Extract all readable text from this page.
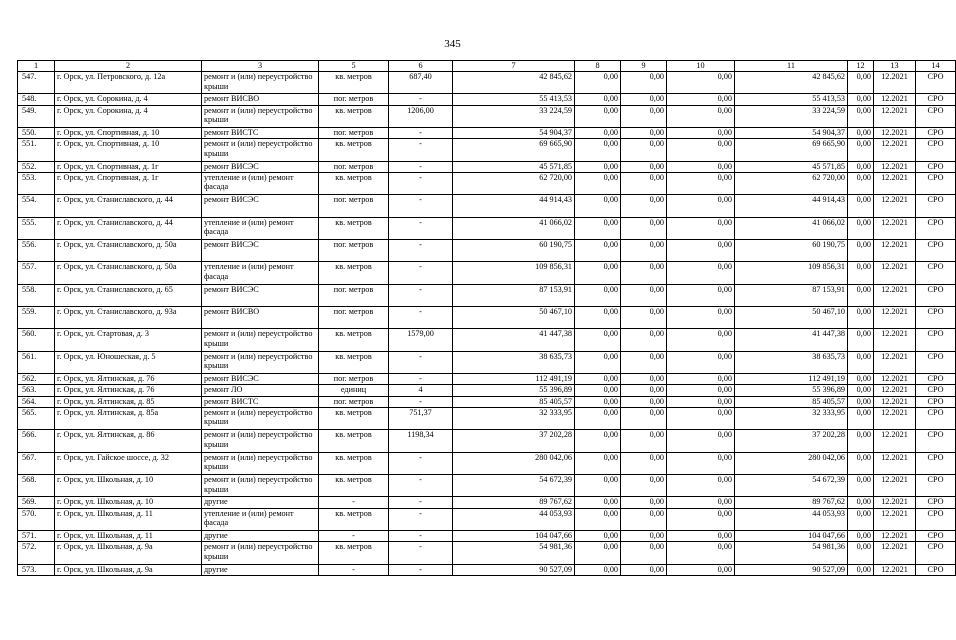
345
1	2	3	5	6	7	8	9	10	11	12	13	14
547.	г. Орск, ул. Петровского, д. 12а	ремонт и (или) переустройство крыши	кв. метров	687,40	42 845,62	0,00	0,00	0,00	42 845,62	0,00	12.2021	СРО
548.	г. Орск, ул. Сорокина, д. 4	ремонт ВИСВО	пог. метров	-	55 413,53	0,00	0,00	0,00	55 413,53	0,00	12.2021	СРО
549.	г. Орск, ул. Сорокина, д. 4	ремонт и (или) переустройство крыши	кв. метров	1206,00	33 224,59	0,00	0,00	0,00	33 224,59	0,00	12.2021	СРО
550.	г. Орск, ул. Спортивная, д. 10	ремонт ВИСТС	пог. метров	-	54 904,37	0,00	0,00	0,00	54 904,37	0,00	12.2021	СРО
551.	г. Орск, ул. Спортивная, д. 10	ремонт и (или) переустройство крыши	кв. метров	-	69 665,90	0,00	0,00	0,00	69 665,90	0,00	12.2021	СРО
552.	г. Орск, ул. Спортивная, д. 1г	ремонт ВИСЭС	пог. метров	-	45 571,85	0,00	0,00	0,00	45 571,85	0,00	12.2021	СРО
553.	г. Орск, ул. Спортивная, д. 1г	утепление и (или) ремонт фасада	кв. метров	-	62 720,00	0,00	0,00	0,00	62 720,00	0,00	12.2021	СРО
554.	г. Орск, ул. Станиславского, д. 44	ремонт ВИСЭС	пог. метров	-	44 914,43	0,00	0,00	0,00	44 914,43	0,00	12.2021	СРО
555.	г. Орск, ул. Станиславского, д. 44	утепление и (или) ремонт фасада	кв. метров	-	41 066,02	0,00	0,00	0,00	41 066,02	0,00	12.2021	СРО
556.	г. Орск, ул. Станиславского, д. 50а	ремонт ВИСЭС	пог. метров	-	60 190,75	0,00	0,00	0,00	60 190,75	0,00	12.2021	СРО
557.	г. Орск, ул. Станиславского, д. 50а	утепление и (или) ремонт фасада	кв. метров	-	109 856,31	0,00	0,00	0,00	109 856,31	0,00	12.2021	СРО
558.	г. Орск, ул. Станиславского, д. 65	ремонт ВИСЭС	пог. метров	-	87 153,91	0,00	0,00	0,00	87 153,91	0,00	12.2021	СРО
559.	г. Орск, ул. Станиславского, д. 93а	ремонт ВИСВО	пог. метров	-	50 467,10	0,00	0,00	0,00	50 467,10	0,00	12.2021	СРО
560.	г. Орск, ул. Стартовая, д. 3	ремонт и (или) переустройство крыши	кв. метров	1579,00	41 447,38	0,00	0,00	0,00	41 447,38	0,00	12.2021	СРО
561.	г. Орск, ул. Юношеская, д. 5	ремонт и (или) переустройство крыши	кв. метров	-	38 635,73	0,00	0,00	0,00	38 635,73	0,00	12.2021	СРО
562.	г. Орск, ул. Ялтинская, д. 76	ремонт ВИСЭС	пог. метров	-	112 491,19	0,00	0,00	0,00	112 491,19	0,00	12.2021	СРО
563.	г. Орск, ул. Ялтинская, д. 76	ремонт ЛО	единиц	4	55 396,89	0,00	0,00	0,00	55 396,89	0,00	12.2021	СРО
564.	г. Орск, ул. Ялтинская, д. 85	ремонт ВИСТС	пог. метров	-	85 405,57	0,00	0,00	0,00	85 405,57	0,00	12.2021	СРО
565.	г. Орск, ул. Ялтинская, д. 85а	ремонт и (или) переустройство крыши	кв. метров	751,37	32 333,95	0,00	0,00	0,00	32 333,95	0,00	12.2021	СРО
566.	г. Орск, ул. Ялтинская, д. 86	ремонт и (или) переустройство крыши	кв. метров	1198,34	37 202,28	0,00	0,00	0,00	37 202,28	0,00	12.2021	СРО
567.	г. Орск, ул. Гайское шоссе, д. 32	ремонт и (или) переустройство крыши	кв. метров	-	280 042,06	0,00	0,00	0,00	280 042,06	0,00	12.2021	СРО
568.	г. Орск, ул. Школьная, д. 10	ремонт и (или) переустройство крыши	кв. метров	-	54 672,39	0,00	0,00	0,00	54 672,39	0,00	12.2021	СРО
569.	г. Орск, ул. Школьная, д. 10	другие	-	-	89 767,62	0,00	0,00	0,00	89 767,62	0,00	12.2021	СРО
570.	г. Орск, ул. Школьная, д. 11	утепление и (или) ремонт фасада	кв. метров	-	44 053,93	0,00	0,00	0,00	44 053,93	0,00	12.2021	СРО
571.	г. Орск, ул. Школьная, д. 11	другие	-	-	104 047,66	0,00	0,00	0,00	104 047,66	0,00	12.2021	СРО
572.	г. Орск, ул. Школьная, д. 9а	ремонт и (или) переустройство крыши	кв. метров	-	54 981,36	0,00	0,00	0,00	54 981,36	0,00	12.2021	СРО
573.	г. Орск, ул. Школьная, д. 9а	другие	-	-	90 527,09	0,00	0,00	0,00	90 527,09	0,00	12.2021	СРО
